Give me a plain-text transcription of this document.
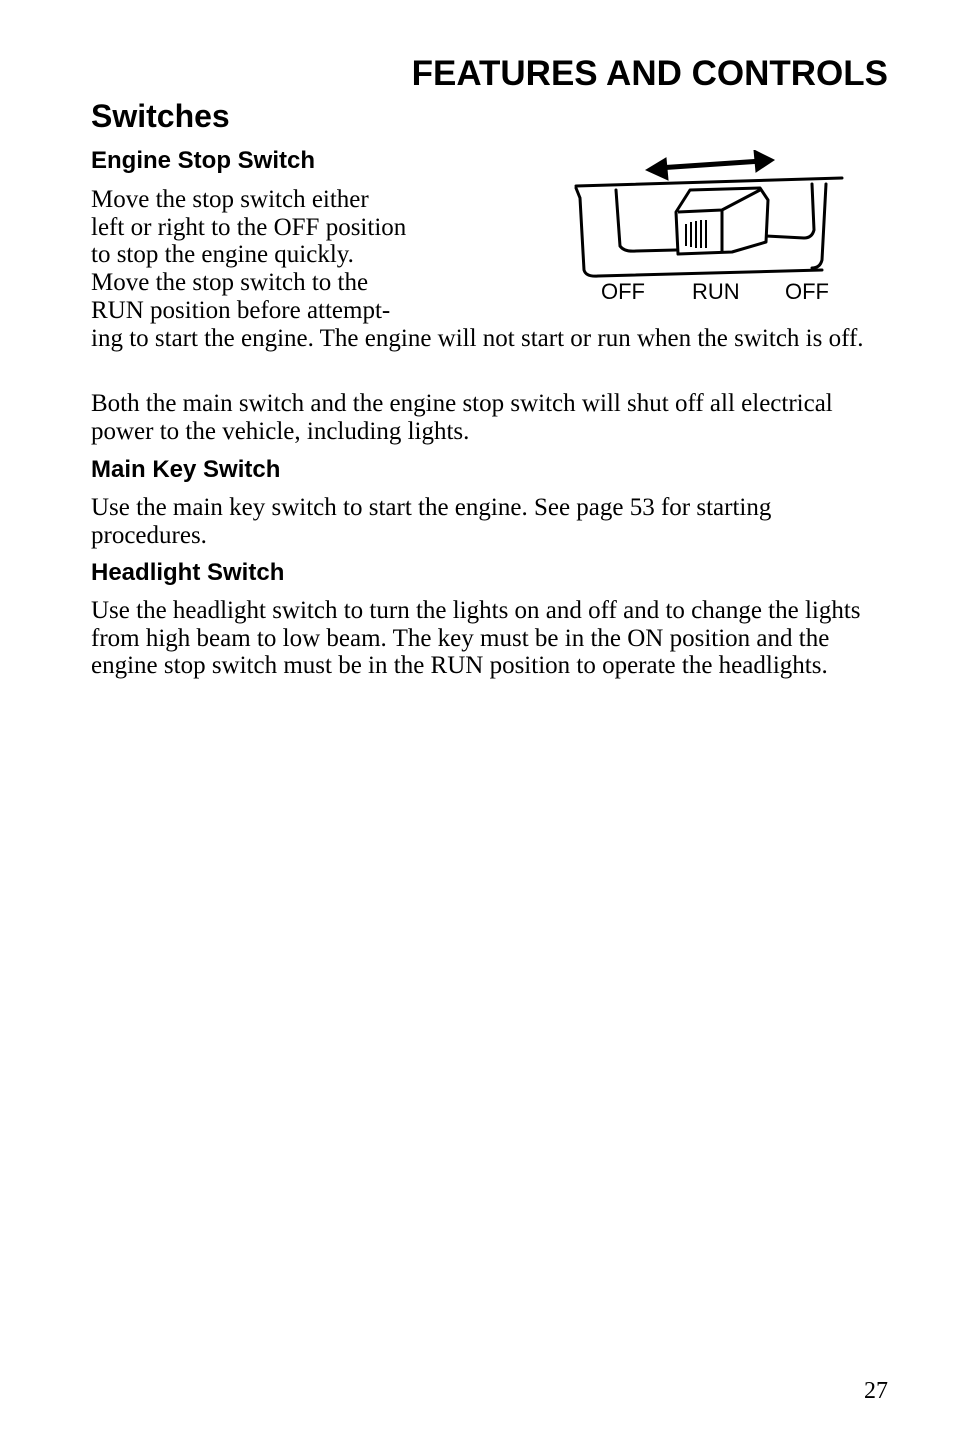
FEATURES AND CONTROLS
Switches
Engine Stop Switch
Move the stop switch either
left or right to the OFF position
to stop the engine quickly.
Move the stop switch to the
RUN position before attempt-

ing to start the engine. The engine will not start or run when the switch is off.

OFF RUN OFF

Both the main switch and the engine stop switch will shut off all electrical power to the vehicle, including lights.

Main Key Switch

Use the main key switch to start the engine. See page 53 for starting procedures.

Headlight Switch

Use the headlight switch to turn the lights on and off and to change the lights from high beam to low beam. The key must be in the ON position and the engine stop switch must be in the RUN position to operate the headlights.

27
